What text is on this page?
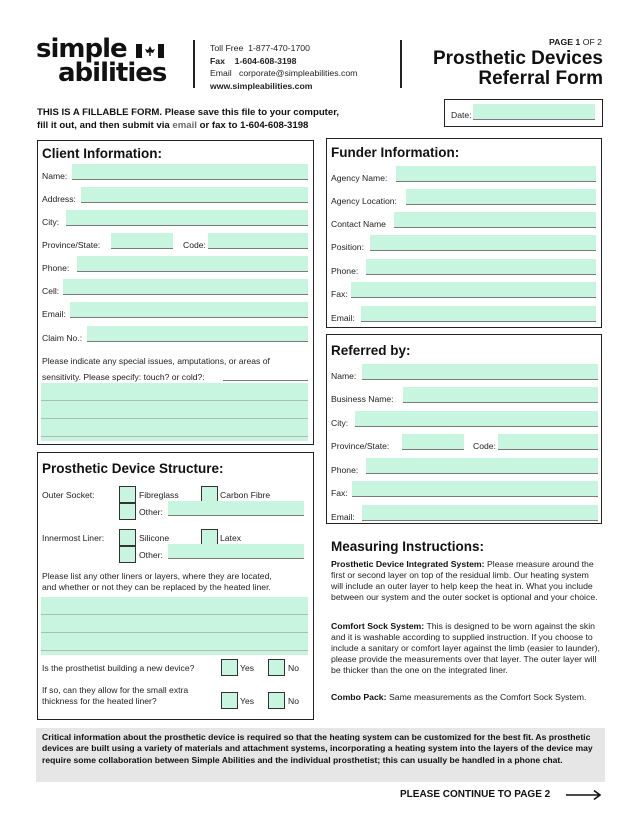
simple
abilities
Toll Free 1-877-470-1700
Fax 1-604-608-3198
Email corporate@simpleabilities.com
www.simpleabilities.com
PAGE 1 OF 2
Prosthetic Devices
Referral Form
THIS IS A FILLABLE FORM. Please save this file to your computer,
fill it out, and then submit via email or fax to 1-604-608-3198
Date:
Client Information:
Name:
Address:
City:
Province/State:	Code:
Phone:
Cell:
Email:
Claim No.:
Please indicate any special issues, amputations, or areas of
sensitivity. Please specify: touch? or cold?:
Funder Information:
Agency Name:
Agency Location:
Contact Name
Position:
Phone:
Fax:
Email:
Referred by:
Name:
Business Name:
City:
Province/State:	Code:
Phone:
Fax:
Email:
Prosthetic Device Structure:
Outer Socket:	Fibreglass	Carbon Fibre
Other:
Innermost Liner:	Silicone	Latex
Other:
Please list any other liners or layers, where they are located,
and whether or not they can be replaced by the heated liner.
Is the prosthetist building a new device?	Yes	No
If so, can they allow for the small extra
thickness for the heated liner?	Yes	No
Measuring Instructions:
Prosthetic Device Integrated System: Please measure around the first or second layer on top of the residual limb. Our heating system will include an outer layer to help keep the heat in. What you include between our system and the outer socket is optional and your choice.
Comfort Sock System: This is designed to be worn against the skin and it is washable according to supplied instruction. If you choose to include a sanitary or comfort layer against the limb (easier to launder), please provide the measurements over that layer. The outer layer will be thicker than the one on the integrated liner.
Combo Pack: Same measurements as the Comfort Sock System.
Critical information about the prosthetic device is required so that the heating system can be customized for the best fit. As prosthetic devices are built using a variety of materials and attachment systems, incorporating a heating system into the layers of the device may require some collaboration between Simple Abilities and the individual prosthetist; this can usually be handled in a phone chat.
PLEASE CONTINUE TO PAGE 2
